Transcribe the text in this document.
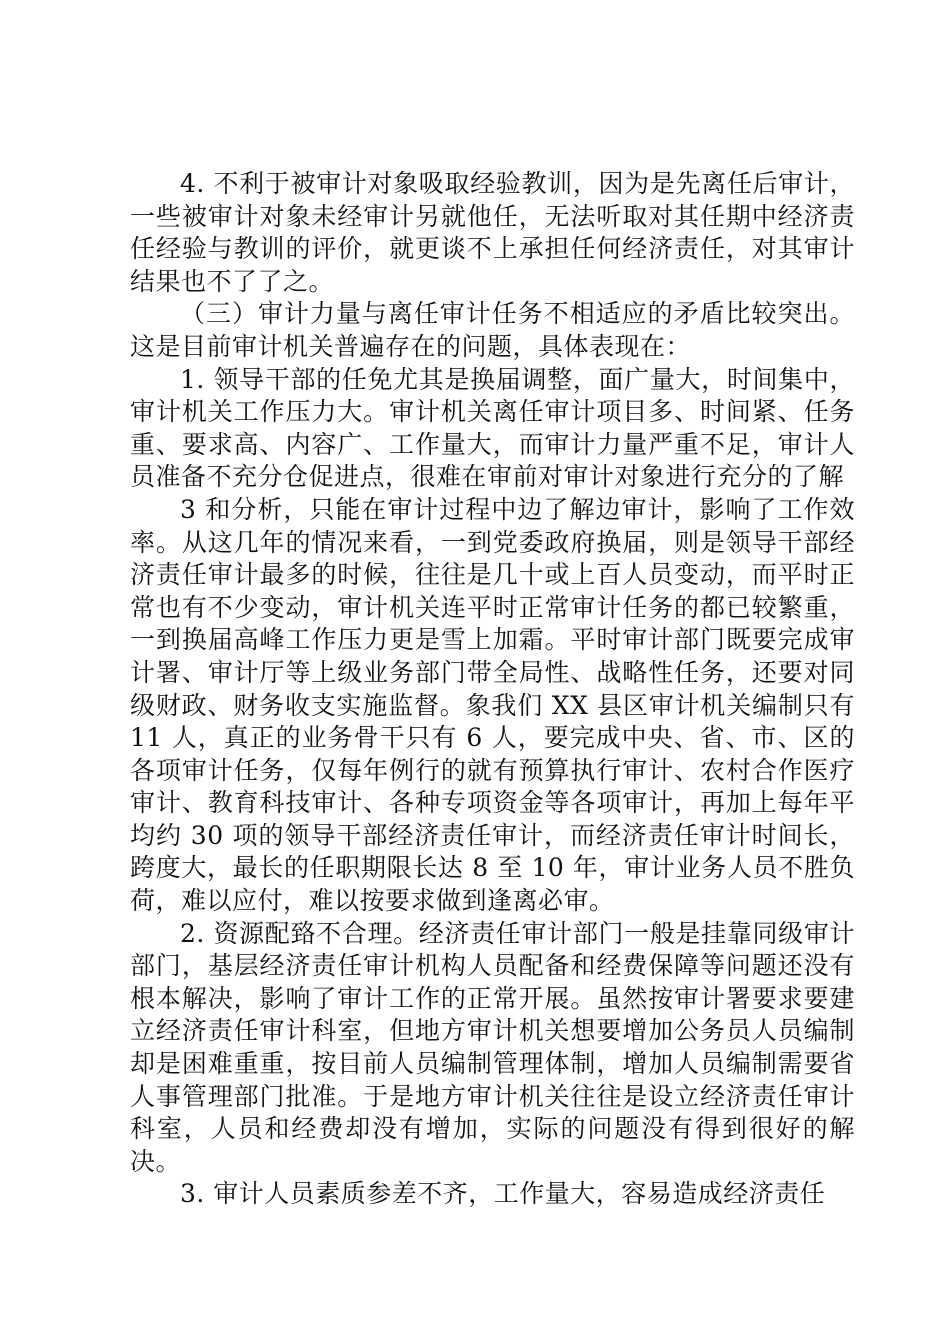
4. 不利于被审计对象吸取经验教训，因为是先离任后审计，一些被审计对象未经审计另就他任，无法听取对其任期中经济责任经验与教训的评价，就更谈不上承担任何经济责任，对其审计结果也不了了之。

（三）审计力量与离任审计任务不相适应的矛盾比较突出。这是目前审计机关普遍存在的问题，具体表现在：

1. 领导干部的任免尤其是换届调整，面广量大，时间集中，审计机关工作压力大。审计机关离任审计项目多、时间紧、任务重、要求高、内容广、工作量大，而审计力量严重不足，审计人员准备不充分仓促进点，很难在审前对审计对象进行充分的了解

3 和分析，只能在审计过程中边了解边审计，影响了工作效率。从这几年的情况来看，一到党委政府换届，则是领导干部经济责任审计最多的时候，往往是几十或上百人员变动，而平时正常也有不少变动，审计机关连平时正常审计任务的都已较繁重，一到换届高峰工作压力更是雪上加霜。平时审计部门既要完成审计署、审计厅等上级业务部门带全局性、战略性任务，还要对同级财政、财务收支实施监督。象我们 XX 县区审计机关编制只有 11 人，真正的业务骨干只有 6 人，要完成中央、省、市、区的各项审计任务，仅每年例行的就有预算执行审计、农村合作医疗审计、教育科技审计、各种专项资金等各项审计，再加上每年平均约 30 项的领导干部经济责任审计，而经济责任审计时间长，跨度大，最长的任职期限长达 8 至 10 年，审计业务人员不胜负荷，难以应付，难以按要求做到逢离必审。

2. 资源配臵不合理。经济责任审计部门一般是挂靠同级审计部门，基层经济责任审计机构人员配备和经费保障等问题还没有根本解决，影响了审计工作的正常开展。虽然按审计署要求要建立经济责任审计科室，但地方审计机关想要增加公务员人员编制却是困难重重，按目前人员编制管理体制，增加人员编制需要省人事管理部门批准。于是地方审计机关往往是设立经济责任审计科室，人员和经费却没有增加，实际的问题没有得到很好的解决。

3. 审计人员素质参差不齐，工作量大，容易造成经济责任
